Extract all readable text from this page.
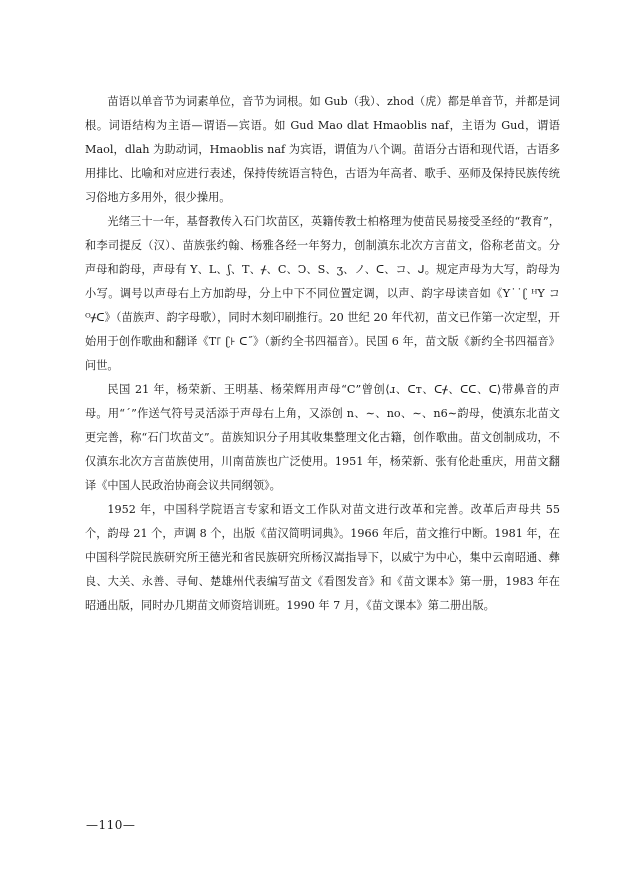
苗语以单音节为词素单位，音节为词根。如 Gub（我）、zhod（虎）都是单音节，并都是词根。词语结构为主语—谓语—宾语。如 Gud Mao dlat Hmaoblis naf，主语为 Gud，谓语 Maol，dlah 为助动词，Hmaoblis naf 为宾语，谓值为八个调。苗语分古语和现代语，古语多用排比、比喻和对应进行表述，保持传统语言特色，古语为年高者、歌手、巫师及保持民族传统习俗地方多用外，很少操用。

光绪三十一年，基督教传入石门坎苗区，英籍传教士柏格理为使苗民易接受圣经的“教育”，和李司提反（汉）、苗族张约翰、杨雅各经一年努力，创制滇东北次方言苗文，俗称老苗文。分声母和韵母，声母有 Y、L、ʃ、T、ᚋ、C、Ͻ、S、ʒ、ノ、ᑕ、コ、ᒍ。规定声母为大写，韵母为小写。调号以声母右上方加韵母，分上中下不同位置定调，以声、韵字母读音如《Y˙˙ʗ ᴴY コᴼᚋᑕ》（苗族声、韵字母歌），同时木刻印刷推行。20 世纪 20 年代初，苗文已作第一次定型，开始用于创作歌曲和翻译《T꜒ ʗ꜔ ᑕ˝》（新约全书四福音）。民国 6 年，苗文版《新约全书四福音》问世。

民国 21 年，杨荣新、王明基、杨荣辉用声母“C”曾创⟨ɹ、ᑕᴛ、ᑕᚋ、ᑕᑕ、ᑕ⟩带鼻音的声母。用“ˊ”作送气符号灵活添于声母右上角，又添创 n、∼、no、∼、n6∼韵母，使滇东北苗文更完善，称“石门坎苗文”。苗族知识分子用其收集整理文化古籍，创作歌曲。苗文创制成功，不仅滇东北次方言苗族使用，川南苗族也广泛使用。1951 年，杨荣新、张有伦赴重庆，用苗文翻译《中国人民政治协商会议共同纲领》。

1952 年，中国科学院语言专家和语文工作队对苗文进行改革和完善。改革后声母共 55 个，韵母 21 个，声调 8 个，出版《苗汉简明词典》。1966 年后，苗文推行中断。1981 年，在中国科学院民族研究所王德光和省民族研究所杨汉嵩指导下，以威宁为中心，集中云南昭通、彝良、大关、永善、寻甸、楚雄州代表编写苗文《看图发音》和《苗文课本》第一册，1983 年在昭通出版，同时办几期苗文师资培训班。1990 年 7 月，《苗文课本》第二册出版。

—110—
